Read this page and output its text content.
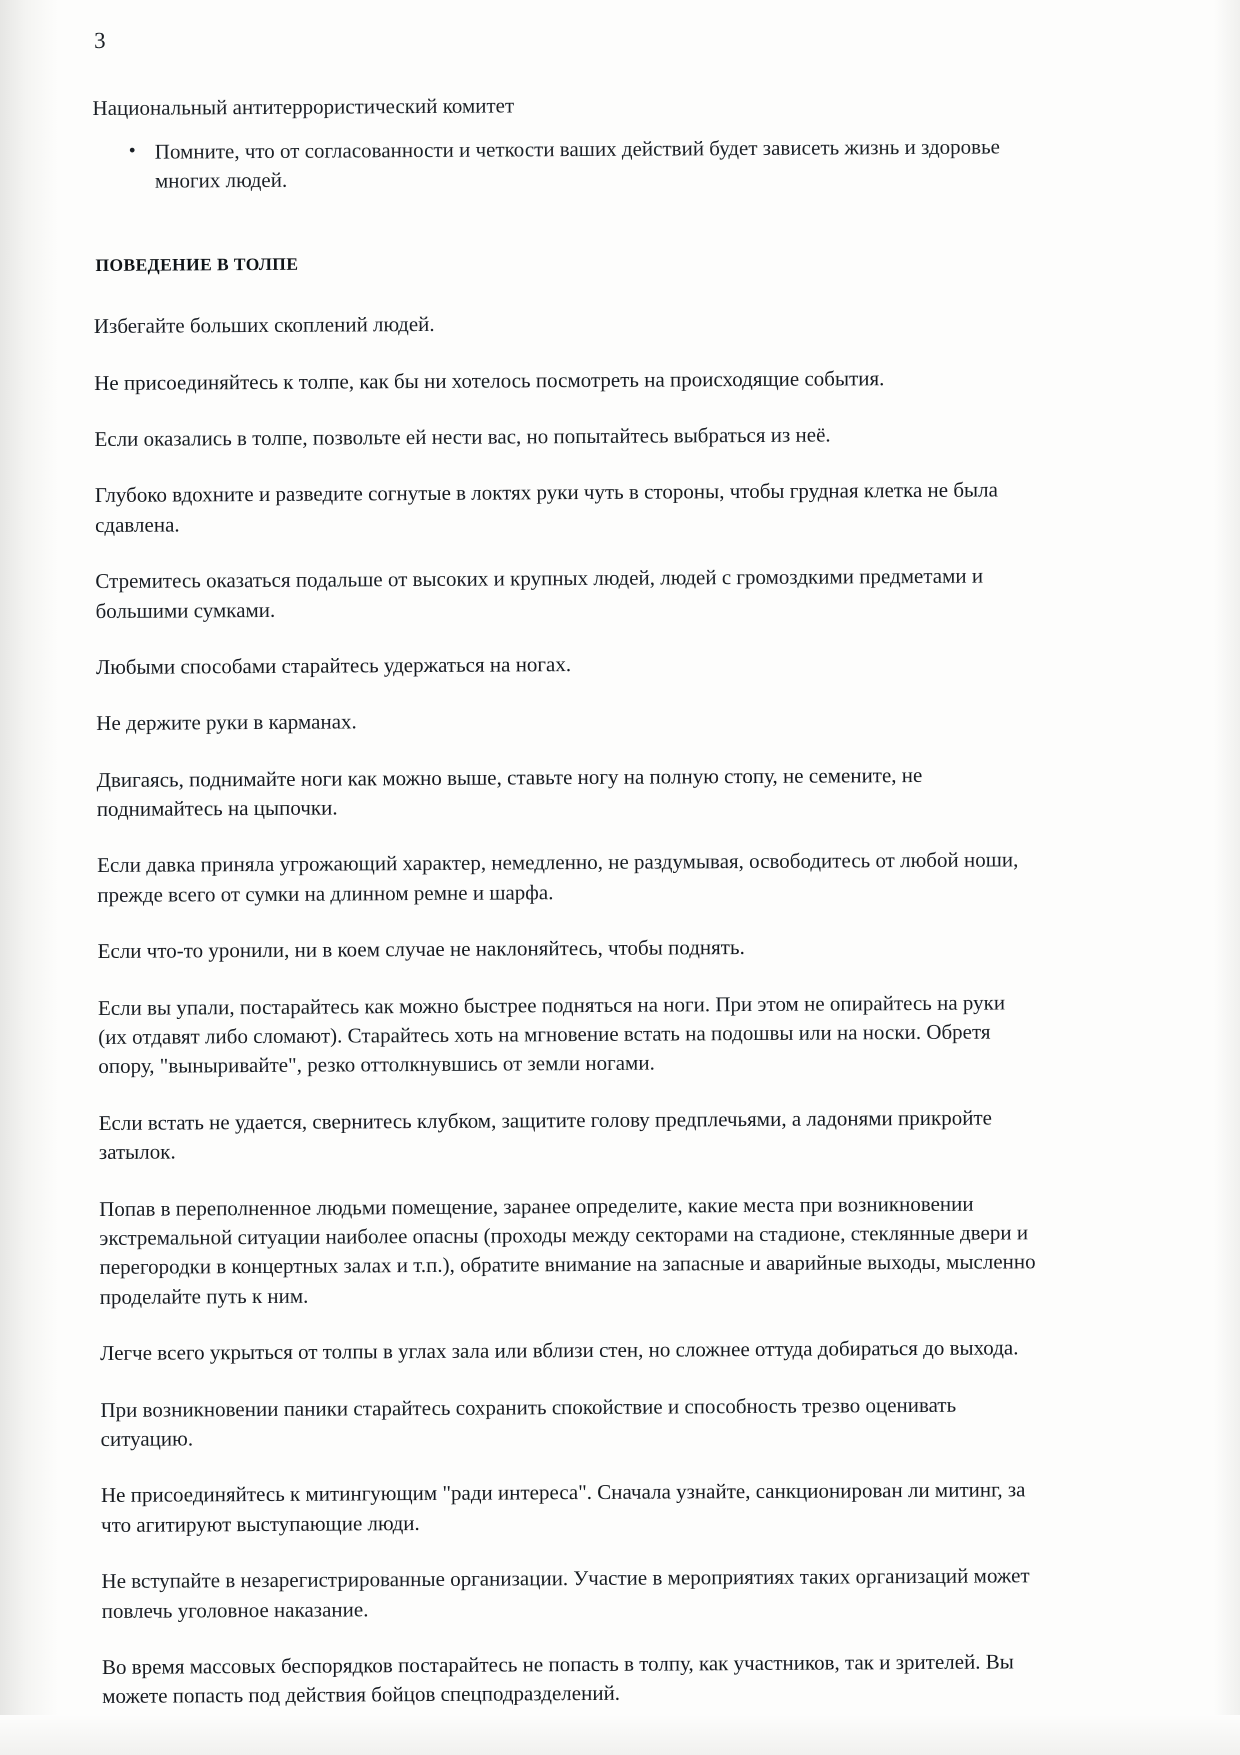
3
Национальный антитеррористический комитет
• Помните, что от согласованности и четкости ваших действий будет зависеть жизнь и здоровье многих людей.
ПОВЕДЕНИЕ В ТОЛПЕ

Избегайте больших скоплений людей.

Не присоединяйтесь к толпе, как бы ни хотелось посмотреть на происходящие события.

Если оказались в толпе, позвольте ей нести вас, но попытайтесь выбраться из неё.

Глубоко вдохните и разведите согнутые в локтях руки чуть в стороны, чтобы грудная клетка не была сдавлена.

Стремитесь оказаться подальше от высоких и крупных людей, людей с громоздкими предметами и большими сумками.

Любыми способами старайтесь удержаться на ногах.

Не держите руки в карманах.

Двигаясь, поднимайте ноги как можно выше, ставьте ногу на полную стопу, не семените, не поднимайтесь на цыпочки.

Если давка приняла угрожающий характер, немедленно, не раздумывая, освободитесь от любой ноши, прежде всего от сумки на длинном ремне и шарфа.

Если что-то уронили, ни в коем случае не наклоняйтесь, чтобы поднять.

Если вы упали, постарайтесь как можно быстрее подняться на ноги. При этом не опирайтесь на руки (их отдавят либо сломают). Старайтесь хоть на мгновение встать на подошвы или на носки. Обретя опору, "выныривайте", резко оттолкнувшись от земли ногами.

Если встать не удается, свернитесь клубком, защитите голову предплечьями, а ладонями прикройте затылок.

Попав в переполненное людьми помещение, заранее определите, какие места при возникновении экстремальной ситуации наиболее опасны (проходы между секторами на стадионе, стеклянные двери и перегородки в концертных залах и т.п.), обратите внимание на запасные и аварийные выходы, мысленно проделайте путь к ним.

Легче всего укрыться от толпы в углах зала или вблизи стен, но сложнее оттуда добираться до выхода.

При возникновении паники старайтесь сохранить спокойствие и способность трезво оценивать ситуацию.

Не присоединяйтесь к митингующим "ради интереса". Сначала узнайте, санкционирован ли митинг, за что агитируют выступающие люди.

Не вступайте в незарегистрированные организации. Участие в мероприятиях таких организаций может повлечь уголовное наказание.

Во время массовых беспорядков постарайтесь не попасть в толпу, как участников, так и зрителей. Вы можете попасть под действия бойцов спецподразделений.
